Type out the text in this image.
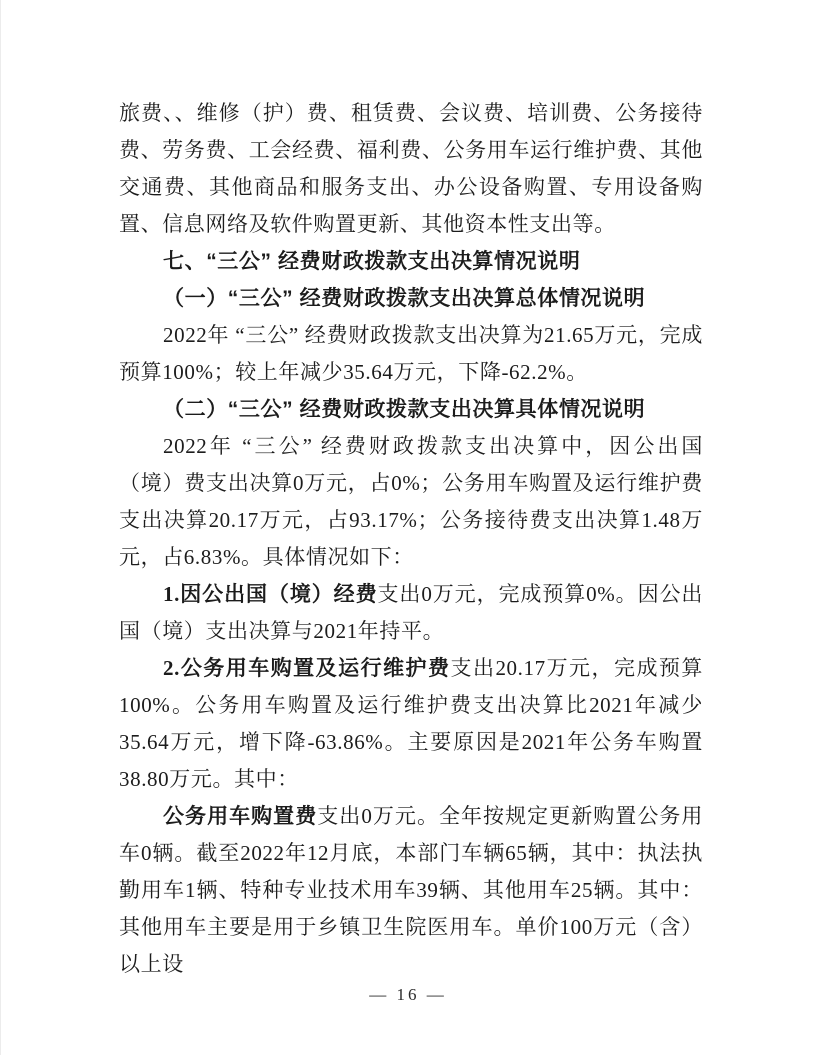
旅费、、维修（护）费、租赁费、会议费、培训费、公务接待费、劳务费、工会经费、福利费、公务用车运行维护费、其他交通费、其他商品和服务支出、办公设备购置、专用设备购置、信息网络及软件购置更新、其他资本性支出等。

七、“三公” 经费财政拨款支出决算情况说明

（一）“三公” 经费财政拨款支出决算总体情况说明

2022年 “三公” 经费财政拨款支出决算为21.65万元，完成预算100%；较上年减少35.64万元，下降-62.2%。

（二）“三公” 经费财政拨款支出决算具体情况说明

2022年 “三公” 经费财政拨款支出决算中，因公出国（境）费支出决算0万元，占0%；公务用车购置及运行维护费支出决算20.17万元，占93.17%；公务接待费支出决算1.48万元，占6.83%。具体情况如下：

1.因公出国（境）经费支出0万元，完成预算0%。因公出国（境）支出决算与2021年持平。

2.公务用车购置及运行维护费支出20.17万元，完成预算100%。公务用车购置及运行维护费支出决算比2021年减少35.64万元，增下降-63.86%。主要原因是2021年公务车购置38.80万元。其中：

公务用车购置费支出0万元。全年按规定更新购置公务用车0辆。截至2022年12月底，本部门车辆65辆，其中：执法执勤用车1辆、特种专业技术用车39辆、其他用车25辆。其中：其他用车主要是用于乡镇卫生院医用车。单价100万元（含）以上设

— 16 —
